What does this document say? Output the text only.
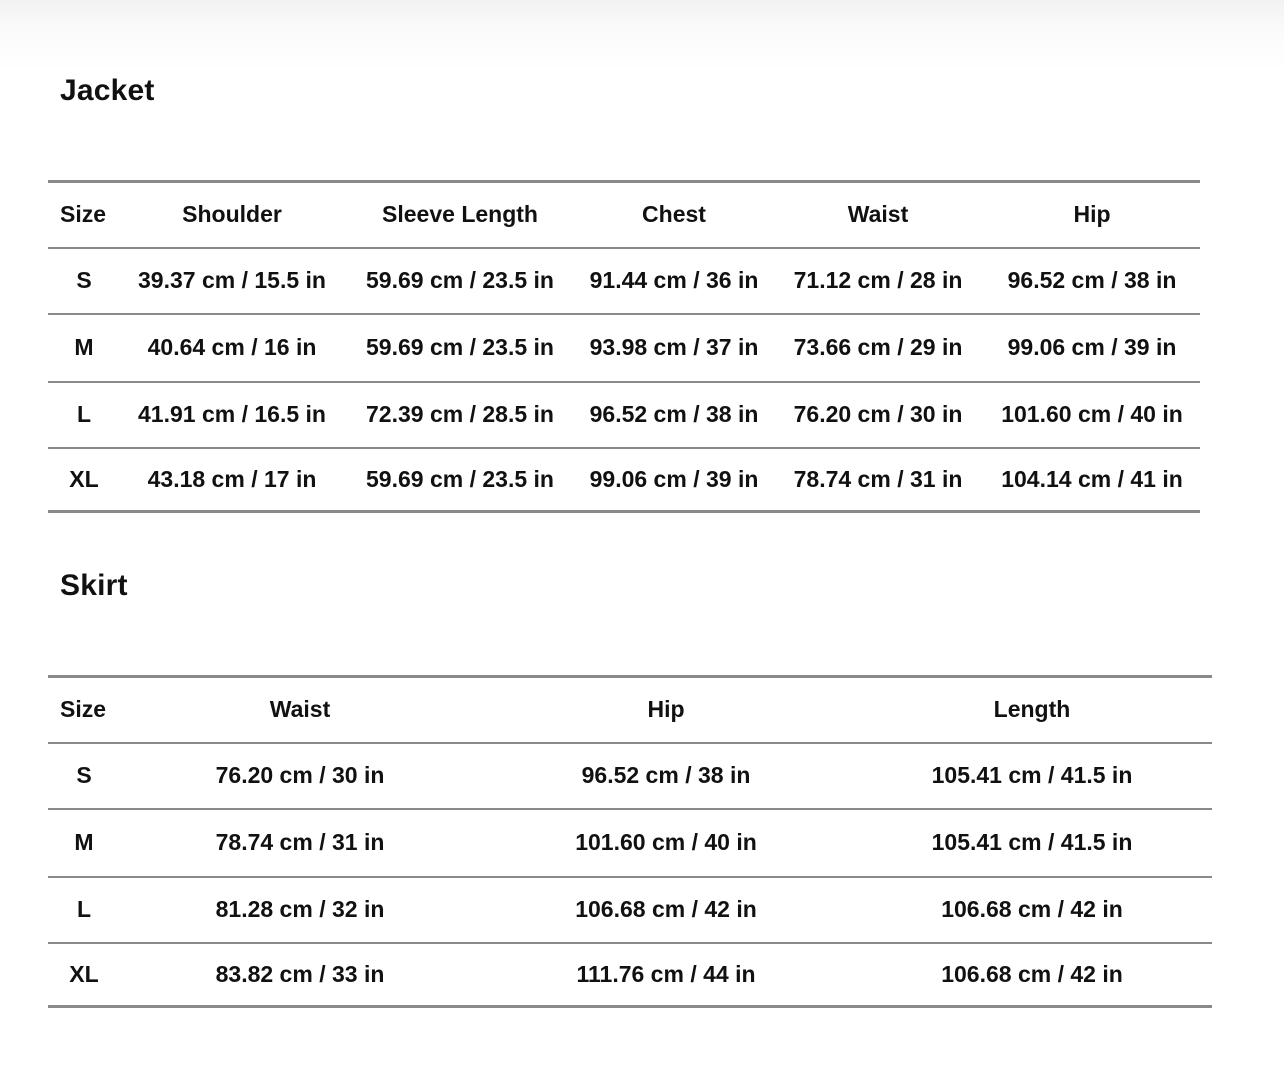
Jacket
Size	Shoulder	Sleeve Length	Chest	Waist	Hip
S	39.37 cm / 15.5 in	59.69 cm / 23.5 in	91.44 cm / 36 in	71.12 cm / 28 in	96.52 cm / 38 in
M	40.64 cm / 16 in	59.69 cm / 23.5 in	93.98 cm / 37 in	73.66 cm / 29 in	99.06 cm / 39 in
L	41.91 cm / 16.5 in	72.39 cm / 28.5 in	96.52 cm / 38 in	76.20 cm / 30 in	101.60 cm / 40 in
XL	43.18 cm / 17 in	59.69 cm / 23.5 in	99.06 cm / 39 in	78.74 cm / 31 in	104.14 cm / 41 in
Skirt
Size	Waist	Hip	Length
S	76.20 cm / 30 in	96.52 cm / 38 in	105.41 cm / 41.5 in
M	78.74 cm / 31 in	101.60 cm / 40 in	105.41 cm / 41.5 in
L	81.28 cm / 32 in	106.68 cm / 42 in	106.68 cm / 42 in
XL	83.82 cm / 33 in	111.76 cm / 44 in	106.68 cm / 42 in
